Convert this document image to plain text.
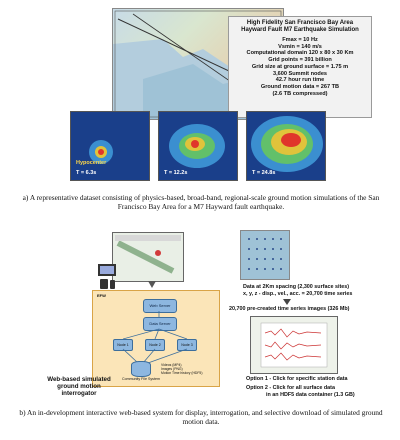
High Fidelity San Francisco Bay Area
Hayward Fault M7 Earthquake Simulation
Fmax = 10 Hz
Vsmin = 140 m/s
Computational domain 120 x 80 x 30 Km
Grid points = 391 billion
Grid size at ground surface = 1.75 m
3,600 Summit nodes
42.7 hour run time
Ground motion data = 267 TB
(2.6 TB compressed)
Hypocenter
T = 6.3s	T = 12.2s	T = 24.8s
a) A representative dataset consisting of physics-based, broad-band, regional-scale ground motion simulations of the San Francisco Bay Area for a M7 Hayward fault earthquake.
EFW
Web Server
Data Server
Node 1	Node 2	Node 3
Community File System
Videos (MP4)
Images (PNG)
Motion Time history (HDF5)
Web-based simulated ground motion interrogator
Data at 2Km spacing (2,300 surface sites)
x, y, z - disp., vel., acc. = 20,700 time series
20,700 pre-created time series images (326 Mb)
Option 1 - Click for specific station data
Option 2 - Click for all surface data
in an HDF5 data container (1.3 GB)
b) An in-development interactive web-based system for display, interrogation, and selective download of simulated ground motion data.
